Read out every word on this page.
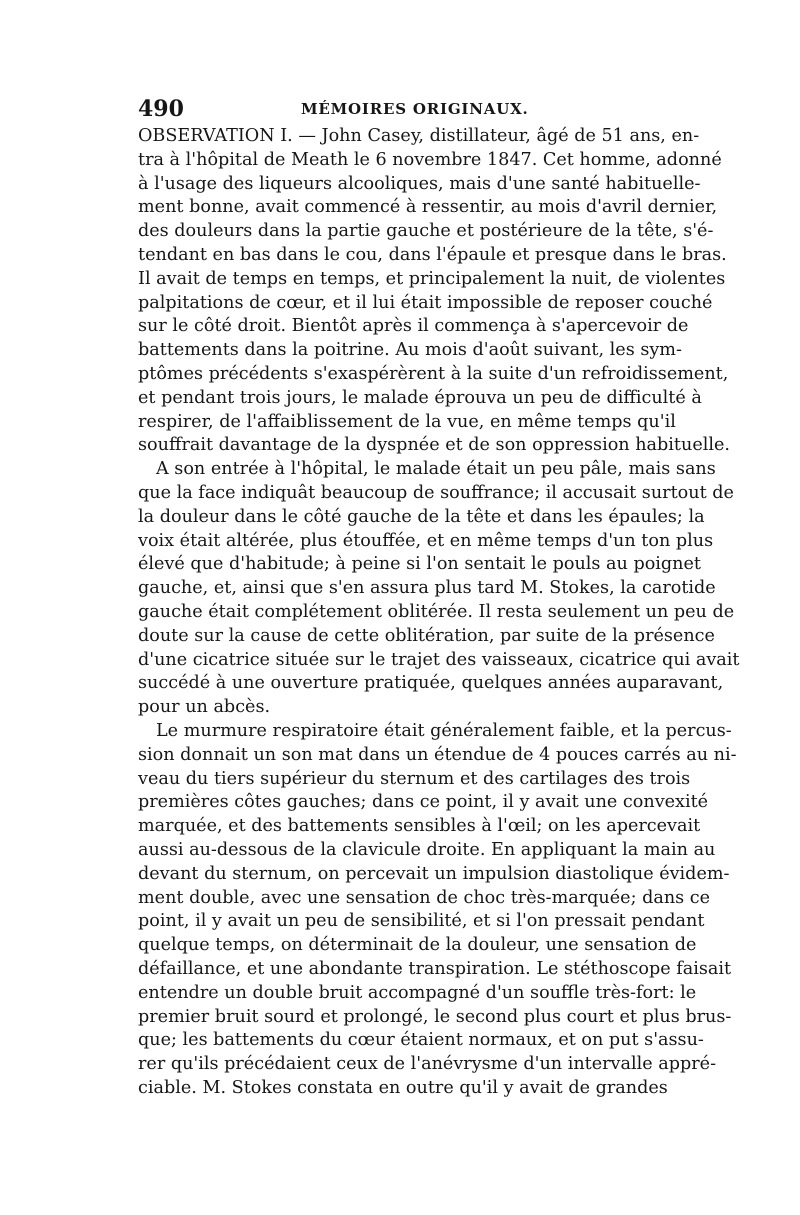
490	MÉMOIRES ORIGINAUX.
OBSERVATION I. — John Casey, distillateur, âgé de 51 ans, en-
tra à l'hôpital de Meath le 6 novembre 1847. Cet homme, adonné
à l'usage des liqueurs alcooliques, mais d'une santé habituelle-
ment bonne, avait commencé à ressentir, au mois d'avril dernier,
des douleurs dans la partie gauche et postérieure de la tête, s'é-
tendant en bas dans le cou, dans l'épaule et presque dans le bras.
Il avait de temps en temps, et principalement la nuit, de violentes
palpitations de cœur, et il lui était impossible de reposer couché
sur le côté droit. Bientôt après il commença à s'apercevoir de
battements dans la poitrine. Au mois d'août suivant, les sym-
ptômes précédents s'exaspérèrent à la suite d'un refroidissement,
et pendant trois jours, le malade éprouva un peu de difficulté à
respirer, de l'affaiblissement de la vue, en même temps qu'il
souffrait davantage de la dyspnée et de son oppression habituelle.
A son entrée à l'hôpital, le malade était un peu pâle, mais sans
que la face indiquât beaucoup de souffrance; il accusait surtout de
la douleur dans le côté gauche de la tête et dans les épaules; la
voix était altérée, plus étouffée, et en même temps d'un ton plus
élevé que d'habitude; à peine si l'on sentait le pouls au poignet
gauche, et, ainsi que s'en assura plus tard M. Stokes, la carotide
gauche était complétement oblitérée. Il resta seulement un peu de
doute sur la cause de cette oblitération, par suite de la présence
d'une cicatrice située sur le trajet des vaisseaux, cicatrice qui avait
succédé à une ouverture pratiquée, quelques années auparavant,
pour un abcès.
Le murmure respiratoire était généralement faible, et la percus-
sion donnait un son mat dans un étendue de 4 pouces carrés au ni-
veau du tiers supérieur du sternum et des cartilages des trois
premières côtes gauches; dans ce point, il y avait une convexité
marquée, et des battements sensibles à l'œil; on les apercevait
aussi au-dessous de la clavicule droite. En appliquant la main au
devant du sternum, on percevait un impulsion diastolique évidem-
ment double, avec une sensation de choc très-marquée; dans ce
point, il y avait un peu de sensibilité, et si l'on pressait pendant
quelque temps, on déterminait de la douleur, une sensation de
défaillance, et une abondante transpiration. Le stéthoscope faisait
entendre un double bruit accompagné d'un souffle très-fort: le
premier bruit sourd et prolongé, le second plus court et plus brus-
que; les battements du cœur étaient normaux, et on put s'assu-
rer qu'ils précédaient ceux de l'anévrysme d'un intervalle appré-
ciable. M. Stokes constata en outre qu'il y avait de grandes
